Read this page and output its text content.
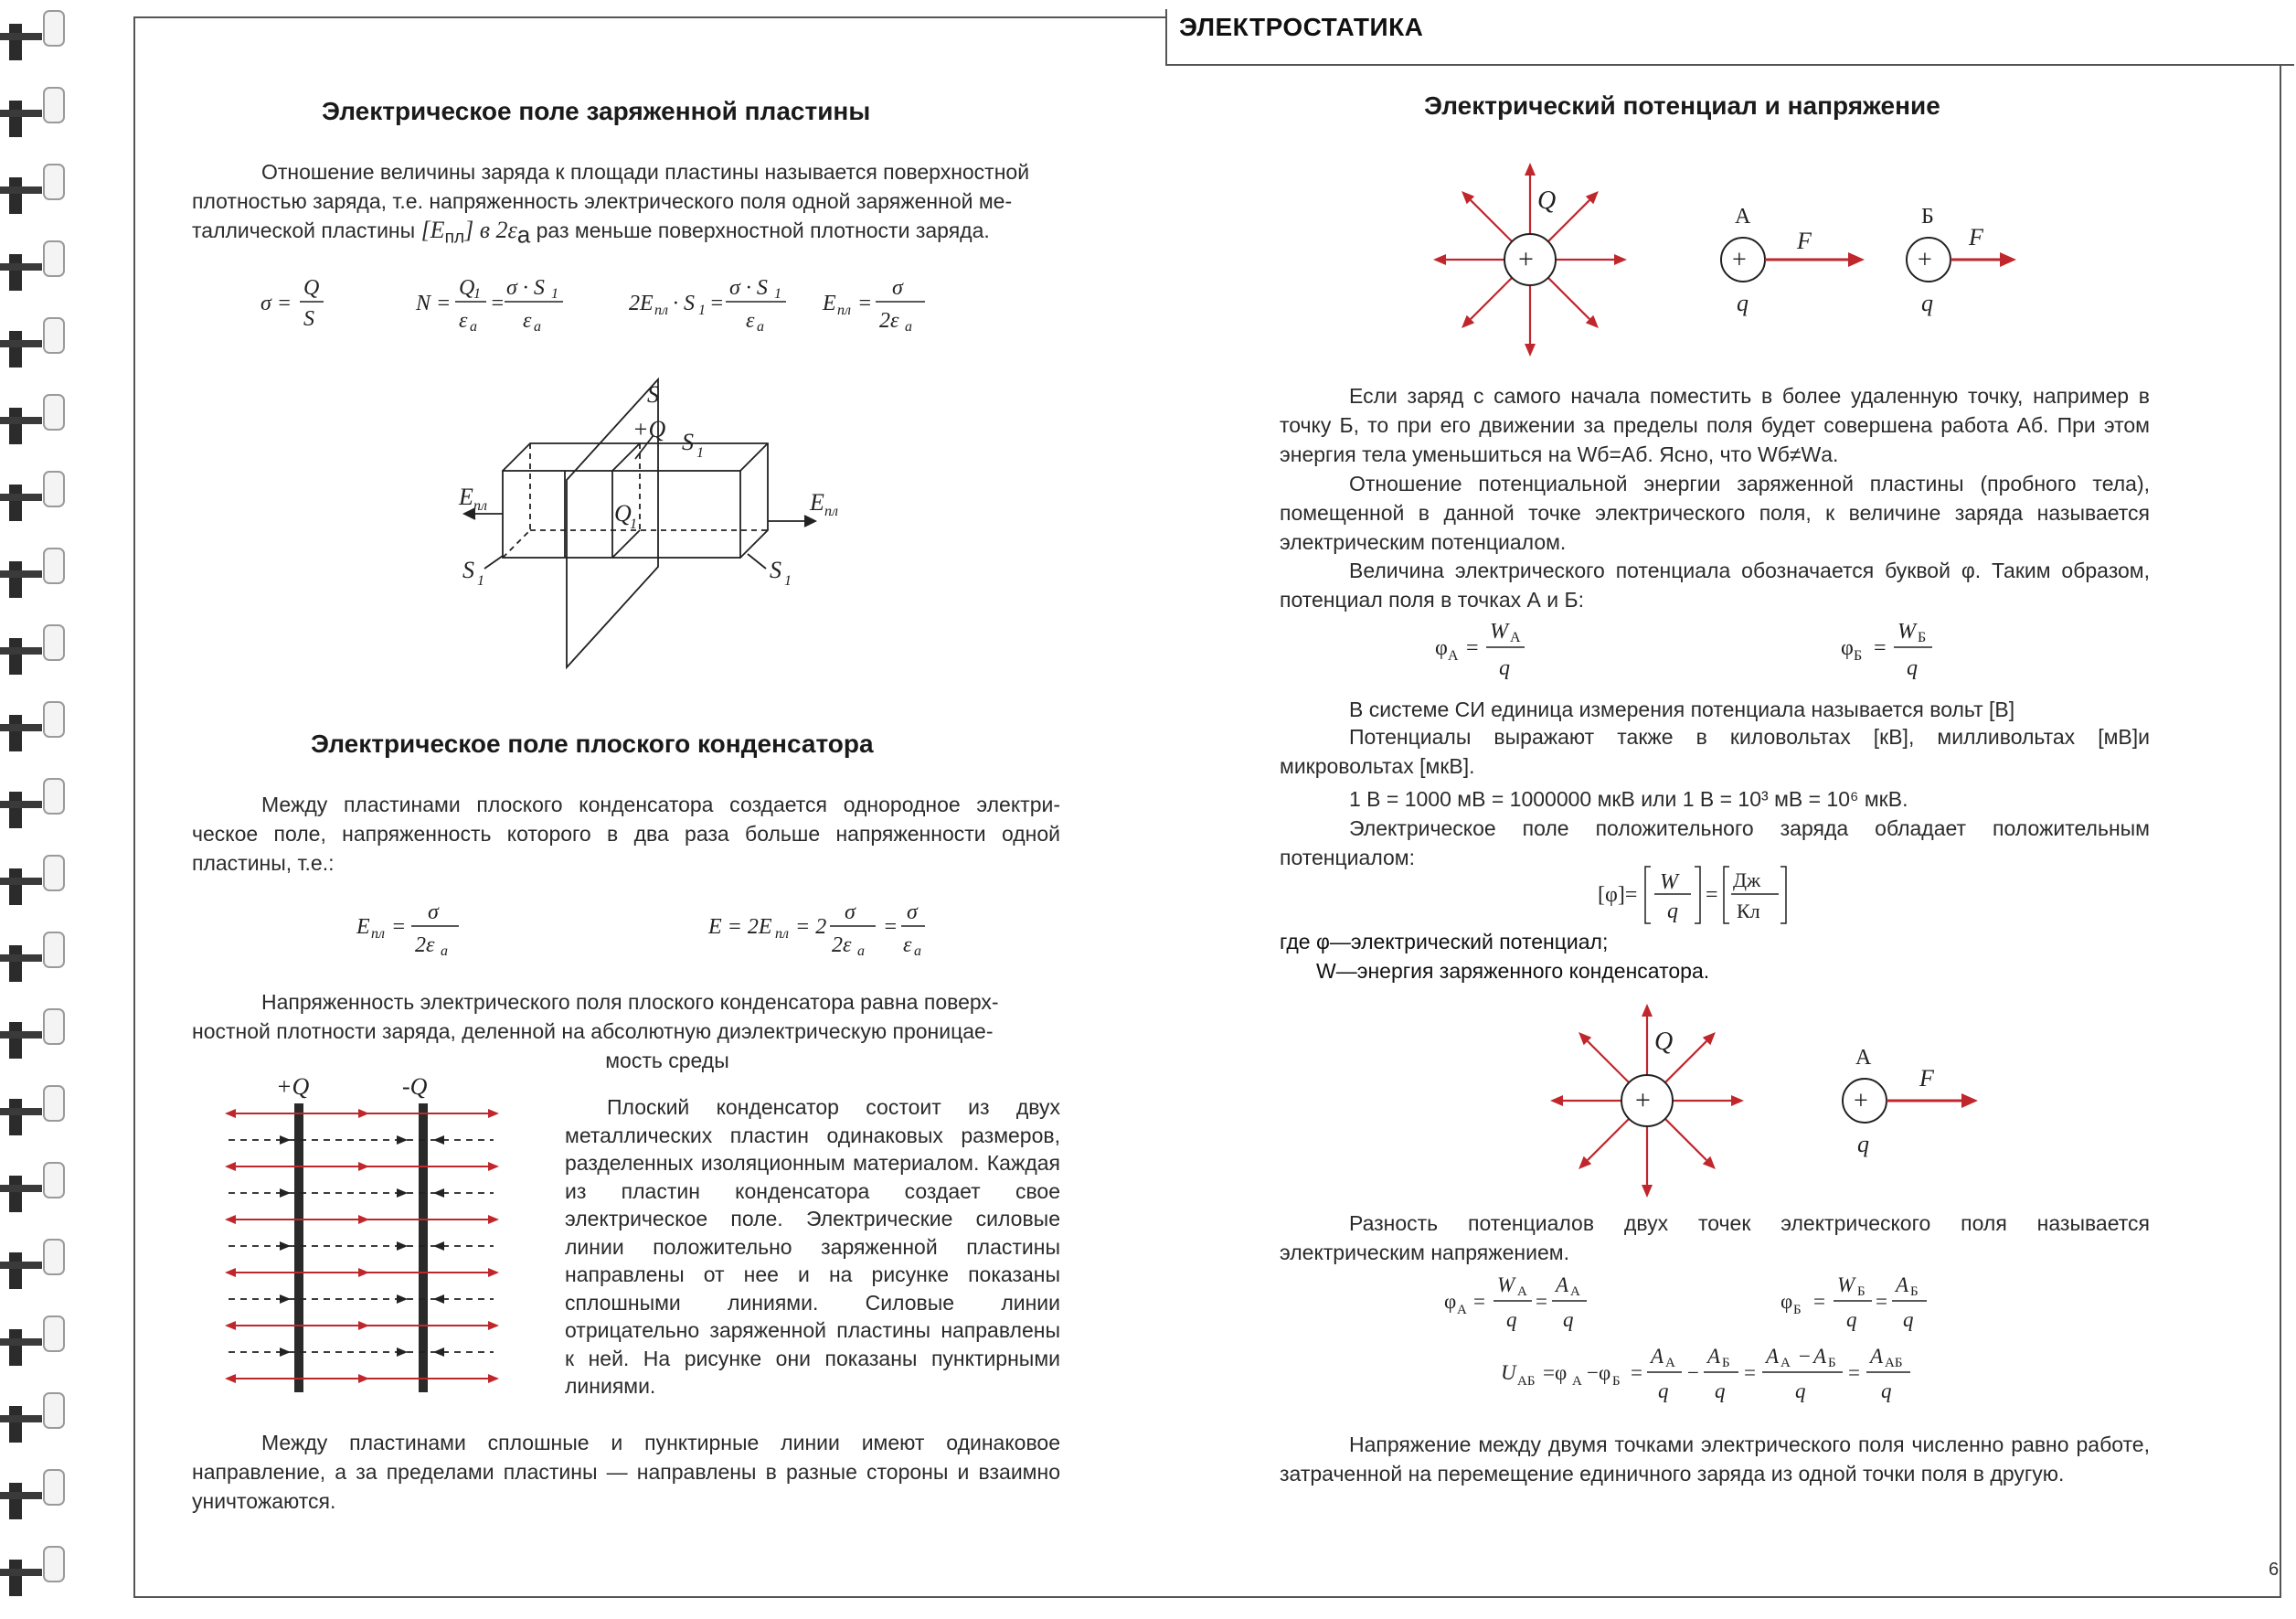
ЭЛЕКТРОСТАТИКА
Электрическое поле заряженной пластины
Отношение величины заряда к площади пластины называется поверхностной
плотностью заряда, т.е. напряженность электрического поля одной заряженной ме-
таллической пластины $[E_{пл}]$ в $2\varepsilon_a$ раз меньше поверхностной плотности заряда.
σ =
Q
S
N =
Q
1
ε a
=
σ · S 1
ε a
2E пл · S 1 =
σ · S 1
ε a
E пл =
σ
2ε a
S
+Q S 1
Q
1
E пл	E пл
S 1	S 1
Электрическое поле плоского конденсатора
Между пластинами плоского конденсатора создается однородное электри-ческое поле, напряженность которого в два раза больше напряженности одной пластины, т.е.:
E пл =
σ
2ε a
E = 2E пл = 2
σ
2ε a
=
σ
ε a
Напряженность электрического поля плоского конденсатора равна поверх-
ностной плотности заряда, деленной на абсолютную диэлектрическую проницае-
мость среды
+Q	-Q
Плоский конденсатор состоит из двух металлических пластин одинаковых размеров, разделенных изоляционным материалом. Каждая из пластин конденсатора создает свое электрическое поле. Электрические силовые линии положительно заряженной пластины направлены от нее и на рисунке показаны сплошными линиями. Силовые линии отрицательно заряженной пластины направлены к ней. На рисунке они показаны пунктирными линиями.
Между пластинами сплошные и пунктирные линии имеют одинаковое направление, а за пределами пластины — направлены в разные стороны и взаимно уничтожаются.
Электрический потенциал и напряжение
+
Q
+
А
F
q
+
Б
F
q
Если заряд с самого начала поместить в более удаленную точку, например в точку Б, то при его движении за пределы поля будет совершена работа Aб. При этом энергия тела уменьшиться на Wб=Aб. Ясно, что Wб≠Wа.
Отношение потенциальной энергии заряженной пластины (пробного тела), помещенной в данной точке электрического поля, к величине заряда называется электрическим потенциалом.
Величина электрического потенциала обозначается буквой φ. Таким образом, потенциал поля в точках А и Б:
φ А =
W А
q
φ Б =
W Б
q
В системе СИ единица измерения потенциала называется вольт [В]
Потенциалы выражают также в киловольтах [кВ], милливольтах [мВ]и микровольтах [мкВ].
1 В = 1000 мВ = 1000000 мкВ или 1 В = 10³ мВ = 10⁶ мкВ.
Электрическое поле положительного заряда обладает положительным потенциалом:
[φ]=
W
q
=
Дж
Кл
где φ—электрический потенциал;
W—энергия заряженного конденсатора.
+
Q
+
А
F
q
Разность потенциалов двух точек электрического поля называется электрическим напряжением.
φ А =
W А
q
=
A А
q
φ Б =
W Б
q
=
A Б
q
U АБ =φ А −φ Б =
A А
q
−
A Б
q
=
A А − A Б
q
=
A АБ
q
Напряжение между двумя точками электрического поля численно равно работе, затраченной на перемещение единичного заряда из одной точки поля в другую.
6
